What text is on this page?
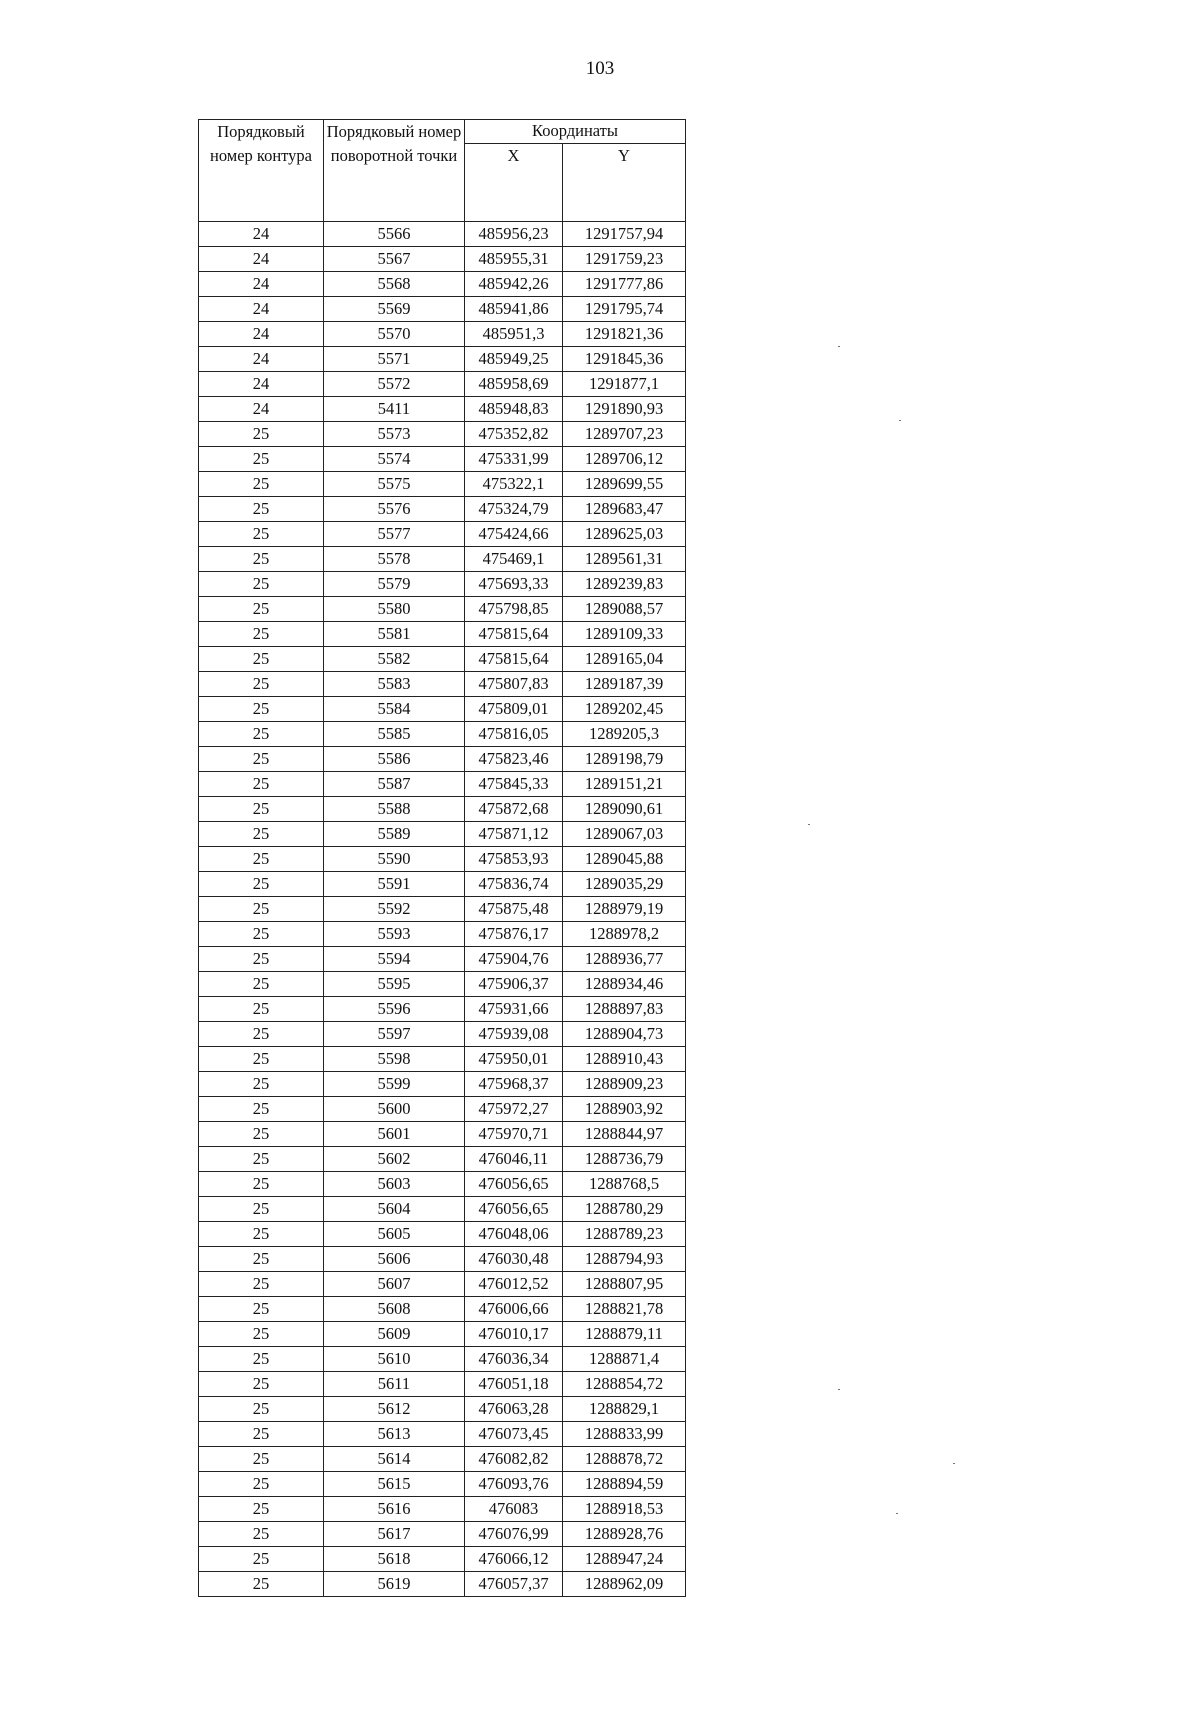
103
Порядковый номер контура	Порядковый номер поворотной точки	Координаты	
		X	Y
24	5566	485956,23	1291757,94
24	5567	485955,31	1291759,23
24	5568	485942,26	1291777,86
24	5569	485941,86	1291795,74
24	5570	485951,3	1291821,36
24	5571	485949,25	1291845,36
24	5572	485958,69	1291877,1
24	5411	485948,83	1291890,93
25	5573	475352,82	1289707,23
25	5574	475331,99	1289706,12
25	5575	475322,1	1289699,55
25	5576	475324,79	1289683,47
25	5577	475424,66	1289625,03
25	5578	475469,1	1289561,31
25	5579	475693,33	1289239,83
25	5580	475798,85	1289088,57
25	5581	475815,64	1289109,33
25	5582	475815,64	1289165,04
25	5583	475807,83	1289187,39
25	5584	475809,01	1289202,45
25	5585	475816,05	1289205,3
25	5586	475823,46	1289198,79
25	5587	475845,33	1289151,21
25	5588	475872,68	1289090,61
25	5589	475871,12	1289067,03
25	5590	475853,93	1289045,88
25	5591	475836,74	1289035,29
25	5592	475875,48	1288979,19
25	5593	475876,17	1288978,2
25	5594	475904,76	1288936,77
25	5595	475906,37	1288934,46
25	5596	475931,66	1288897,83
25	5597	475939,08	1288904,73
25	5598	475950,01	1288910,43
25	5599	475968,37	1288909,23
25	5600	475972,27	1288903,92
25	5601	475970,71	1288844,97
25	5602	476046,11	1288736,79
25	5603	476056,65	1288768,5
25	5604	476056,65	1288780,29
25	5605	476048,06	1288789,23
25	5606	476030,48	1288794,93
25	5607	476012,52	1288807,95
25	5608	476006,66	1288821,78
25	5609	476010,17	1288879,11
25	5610	476036,34	1288871,4
25	5611	476051,18	1288854,72
25	5612	476063,28	1288829,1
25	5613	476073,45	1288833,99
25	5614	476082,82	1288878,72
25	5615	476093,76	1288894,59
25	5616	476083	1288918,53
25	5617	476076,99	1288928,76
25	5618	476066,12	1288947,24
25	5619	476057,37	1288962,09
